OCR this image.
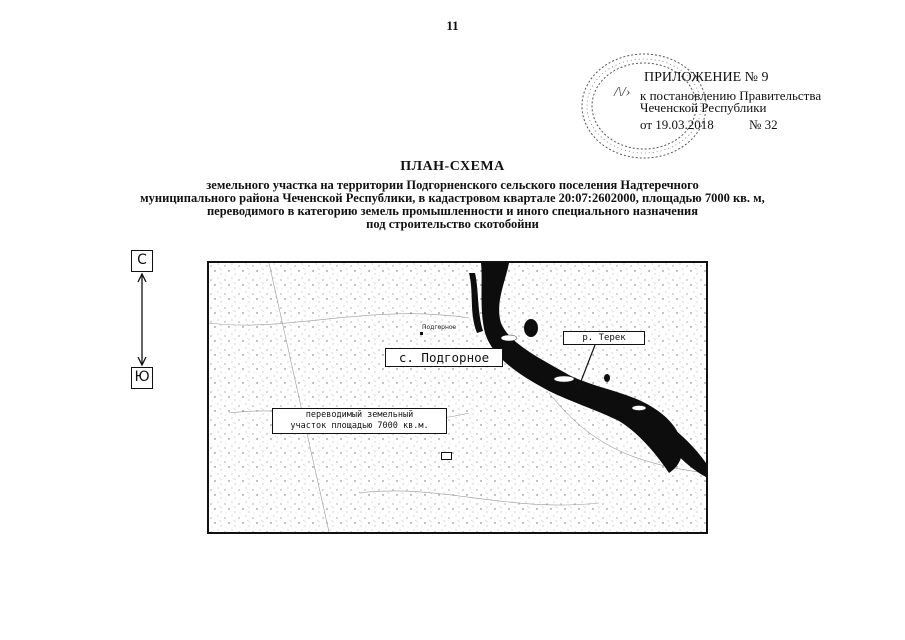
11
/\/›
ПРИЛОЖЕНИЕ № 9
к постановлению Правительства
Чеченской Республики
от 19.03.2018	№ 32
ПЛАН-СХЕМА
земельного участка на территории Подгорненского сельского поселения Надтеречного
муниципального района Чеченской Республики, в кадастровом квартале 20:07:2602000, площадью 7000 кв. м,
переводимого в категорию земель промышленности и иного специального назначения
под строительство скотобойни
С
Ю
Подгорное
с. Подгорное
р. Терек
переводимый земельный
участок площадью 7000 кв.м.
